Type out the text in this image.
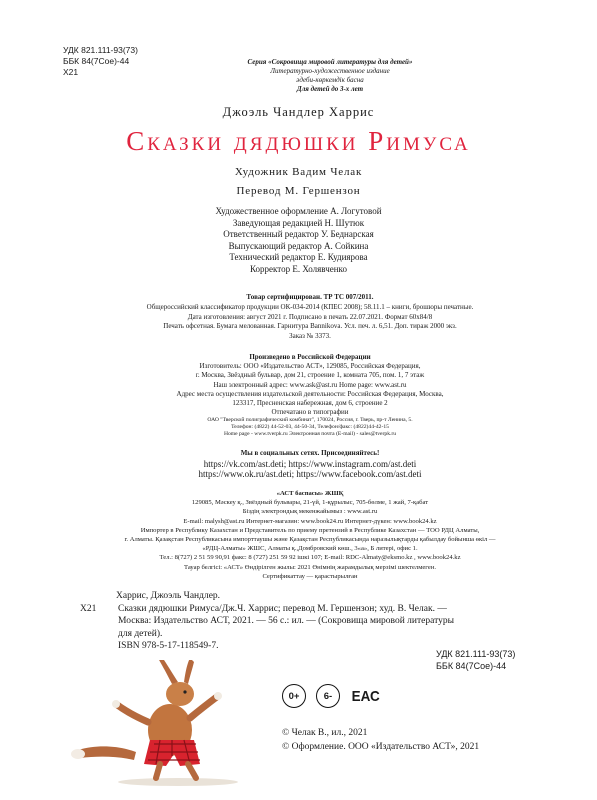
УДК 821.111-93(73)
ББК 84(7Сое)-44
Х21
Серия «Сокровища мировой литературы для детей»
Литературно-художественное издание
әдеби-көркемдік басна
Для детей до 3-х лет
Джоэль Чандлер Харрис
Сказки дядюшки Римуса
Художник Вадим Челак
Перевод М. Гершензон
Художественное оформление А. Логутовой
Заведующая редакцией Н. Шутюк
Ответственный редактор У. Беднарская
Выпускающий редактор А. Сойкина
Технический редактор Е. Кудиярова
Корректор Е. Холявченко
Товар сертифицирован. ТР ТС 007/2011.
Общероссийский классификатор продукции ОК-034-2014 (КПЕС 2008); 58.11.1 – книги, брошюры печатные.
Дата изготовления: август 2021 г. Подписано в печать 22.07.2021. Формат 60x84/8
Печать офсетная. Бумага мелованная. Гарнитура Bannikova. Усл. печ. л. 6,51. Доп. тираж 2000 экз.
Заказ № 3373.
Произведено в Российской Федерации
Изготовитель: ООО «Издательство АСТ», 129085, Российская Федерация,
г. Москва, Звёздный бульвар, дом 21, строение 1, комната 705, пом. 1, 7 этаж
Наш электронный адрес: www.ask@ast.ru Home page: www.ast.ru
Адрес места осуществления издательской деятельности: Российская Федерация, Москва,
123317, Пресненская набережная, дом 6, строение 2
Отпечатано в типографии
ОАО "Тверской полиграфический комбинат", 170024, Россия, г. Тверь, пр-т Ленина, 5.
Телефон: (4822) 44-52-03, 44-50-34, Телефон/факс: (4822)44-42-15
Home page - www.tverpk.ru Электронная почта (E-mail) - sales@tverpk.ru
Мы в социальных сетях. Присоединяйтесь!
https://vk.com/ast.deti; https://www.instagram.com/ast.deti
https://www.ok.ru/ast.deti; https://www.facebook.com/ast.deti
«АСТ баспасы» ЖШҚ
129085, Мәскеу қ., Звёздный бульвары, 21-үй, 1-құрылыс, 705-бөлме, 1 жай, 7-қабат
Біздің электрондық мекенжайымыз : www.ast.ru
E-mail: malysh@ast.ru Интернет-магазин: www.book24.ru Интернет-дүкен: www.book24.kz
Импортер в Республику Казахстан и Представитель по приему претензий в Республике Казахстан — ТОО РДЦ Алматы,
г. Алматы. Қазақстан Республикасына импорттаушы және Қазақстан Республикасында наразылықтарды қабылдау бойынша өкіл —
«РДЦ-Алматы» ЖШС, Алматы қ.,Домбровский көш., 3«а», Б литері, офис 1.
Тел.: 8(727) 2 51 59 90,91 факс: 8 (727) 251 59 92 ішкі 107; E-mail: RDC-Almaty@eksmo.kz , www.book24.kz
Тауар белгісі: «АСТ» Өндірілген жылы: 2021 Өнімнің жарамдылық мерзімі шектелмеген.
Сертификаттау — қарастырылған
Харрис, Джоэль Чандлер.
Х21	Сказки дядюшки Римуса/Дж.Ч. Харрис; перевод М. Гершензон; худ. В. Челак. —
Москва: Издательство АСТ, 2021. — 56 с.: ил. — (Сокровища мировой литературы
для детей).
ISBN 978-5-17-118549-7.
УДК 821.111-93(73)
ББК 84(7Сое)-44
0+	6-	ЕАС
© Челак В., ил., 2021
© Оформление. ООО «Издательство АСТ», 2021
